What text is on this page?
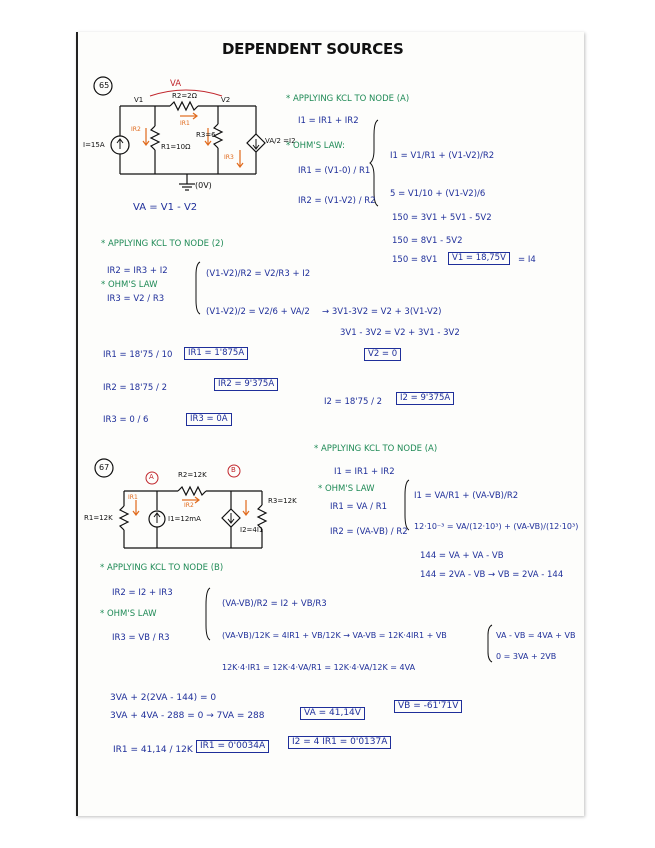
DEPENDENT SOURCES
65	VA
V1	V2
R2=2Ω
IR2
IR3
R3=6
IR1
R1=10Ω
I=15A	VA/2 =I2
(0V)
VA = V1 - V2
* APPLYING KCL TO NODE (A)
I1 = IR1 + IR2
* OHM'S LAW:
IR1 = (V1-0) / R1
IR2 = (V1-V2) / R2
I1 = V1/R1 + (V1-V2)/R2
5 = V1/10 + (V1-V2)/6
150 = 3V1 + 5V1 - 5V2
150 = 8V1 - 5V2
150 = 8V1	V1 = 18,75V	= I4
* APPLYING KCL TO NODE (2)
IR2 = IR3 + I2
* OHM'S LAW
IR3 = V2 / R3
(V1-V2)/R2 = V2/R3 + I2
(V1-V2)/2 = V2/6 + VA/2 → 3V1-3V2 = V2 + 3(V1-V2)
3V1 - 3V2 = V2 + 3V1 - 3V2
V2 = 0
IR1 = 18'75 / 10	IR1 = 1'875A
IR2 = 18'75 / 2	IR2 = 9'375A
IR3 = 0 / 6	IR3 = 0A
I2 = 18'75 / 2	I2 = 9'375A
67
A
B
R2=12K
IR1
IR2
R1=12K	I1=12mA
I2=4I1
R3=12K
* APPLYING KCL TO NODE (A)
I1 = IR1 + IR2
* OHM'S LAW
IR1 = VA / R1
IR2 = (VA-VB) / R2
I1 = VA/R1 + (VA-VB)/R2
12·10⁻³ = VA/(12·10³) + (VA-VB)/(12·10³)
144 = VA + VA - VB
144 = 2VA - VB → VB = 2VA - 144
* APPLYING KCL TO NODE (B)
IR2 = I2 + IR3
* OHM'S LAW
IR3 = VB / R3
(VA-VB)/R2 = I2 + VB/R3
(VA-VB)/12K = 4IR1 + VB/12K → VA-VB = 12K·4IR1 + VB
12K·4·IR1 = 12K·4·VA/R1 = 12K·4·VA/12K = 4VA
VA - VB = 4VA + VB
0 = 3VA + 2VB
3VA + 2(2VA - 144) = 0
3VA + 4VA - 288 = 0 → 7VA = 288	VA = 41,14V
VB = -61'71V
IR1 = 41,14 / 12K IR1 = 0'0034A	I2 = 4 IR1 = 0'0137A
